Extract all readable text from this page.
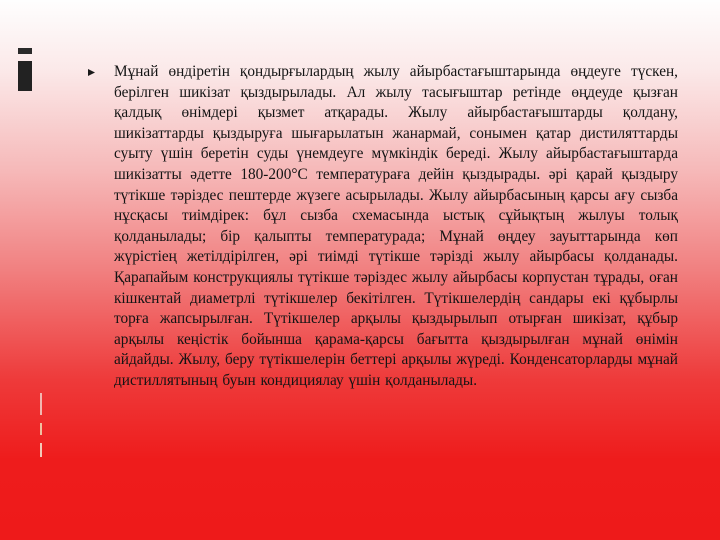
Мұнай өндіретін қондырғылардың жылу айырбастағыштарында өңдеуге түскен, берілген шикізат қыздырылады. Ал жылу тасығыштар ретінде өңдеуде қызған қалдық өнімдері қызмет атқарады. Жылу айырбастағыштарды қолдану, шикізаттарды қыздыруға шығарылатын жанармай, сонымен қатар дистиляттарды суыту үшін беретін суды үнемдеуге мүмкіндік береді. Жылу айырбастағыштарда шикізатты әдетте 180-200°С температураға дейін қыздырады. әрі қарай қыздыру түтікше тәріздес пештерде жүзеге асырылады. Жылу айырбасының қарсы ағу сызба нұсқасы тиімдірек: бұл сызба схемасында ыстық сұйықтың жылуы толық қолданылады; бір қалыпты температурада; Мұнай өңдеу зауыттарында көп жүрістіең жетілдірілген, әрі тиімді түтікше тәрізді жылу айырбасы қолданады. Қарапайым конструкциялы түтікше тәріздес жылу айырбасы корпустан тұрады, оған кішкентай диаметрлі түтікшелер бекітілген. Түтікшелердің сандары екі құбырлы торға жапсырылған. Түтікшелер арқылы қыздырылып отырған шикізат, құбыр арқылы кеңістік бойынша қарама-қарсы бағытта қыздырылған мұнай өнімін айдайды. Жылу, беру түтікшелерін беттері арқылы жүреді. Конденсаторларды мұнай дистиллятының буын кондициялау үшін қолданылады.
